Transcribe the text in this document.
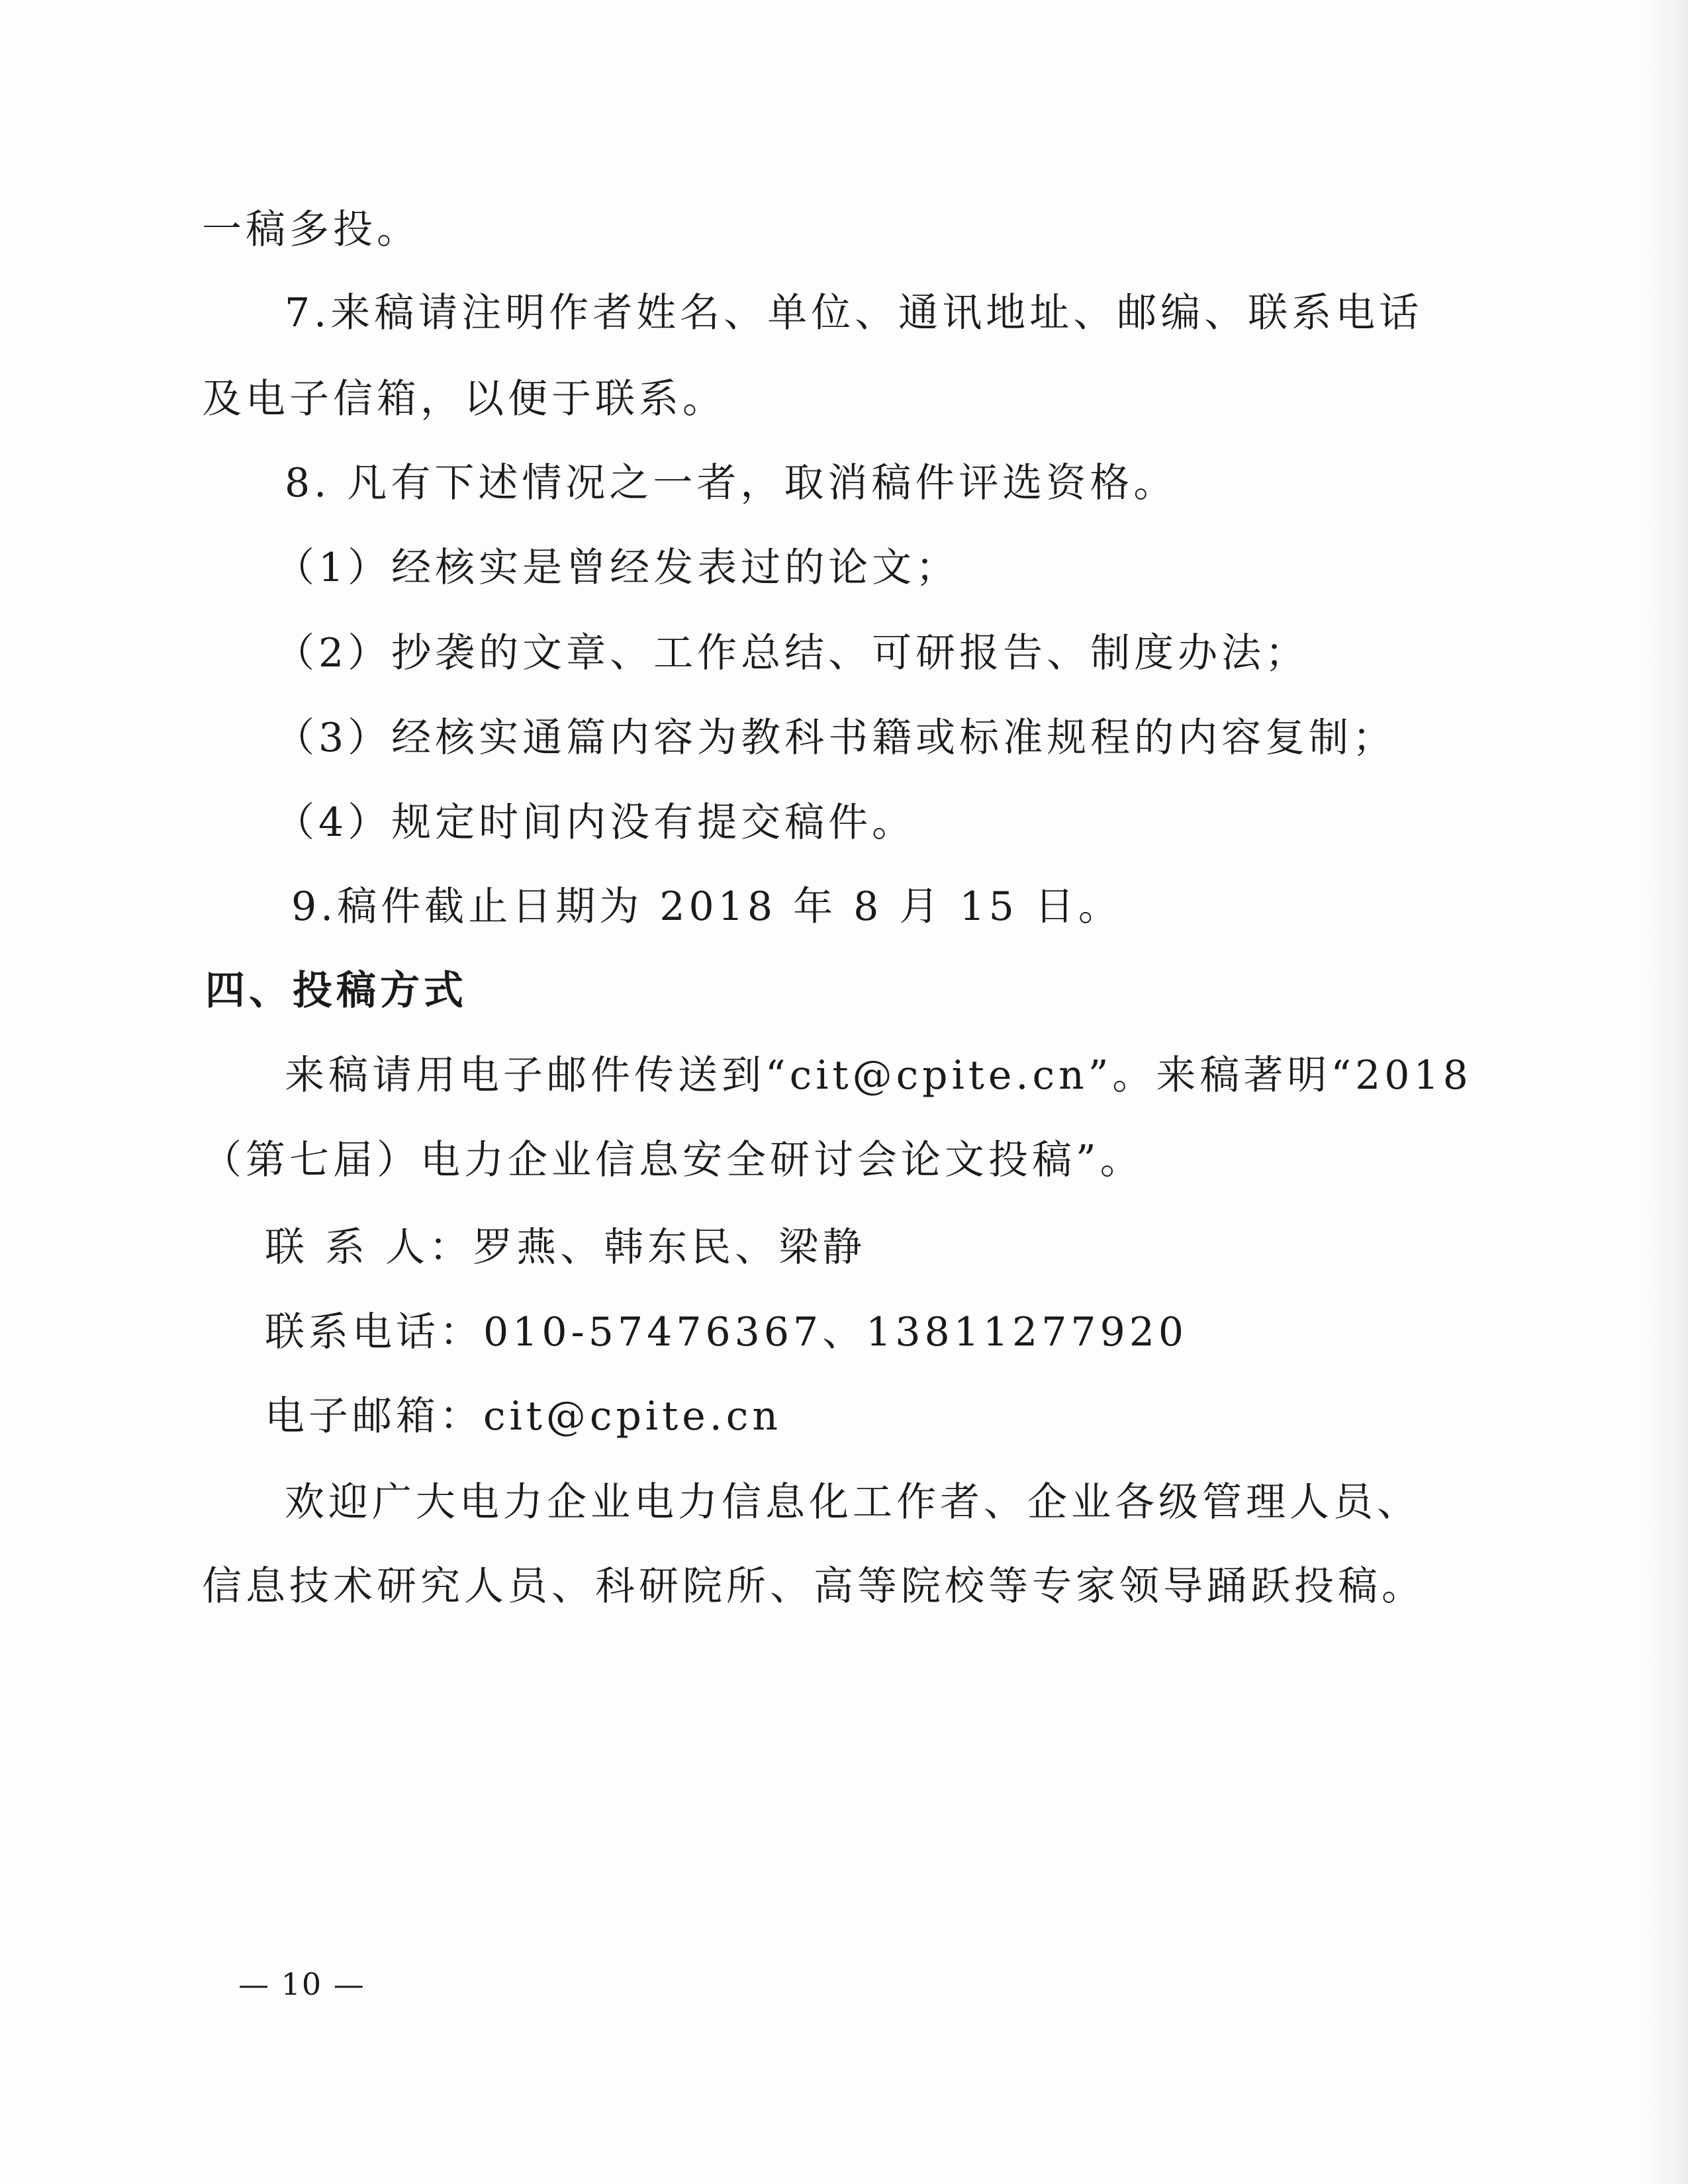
一稿多投。
7.来稿请注明作者姓名、单位、通讯地址、邮编、联系电话
及电子信箱，以便于联系。
8. 凡有下述情况之一者，取消稿件评选资格。
（1）经核实是曾经发表过的论文；
（2）抄袭的文章、工作总结、可研报告、制度办法；
（3）经核实通篇内容为教科书籍或标准规程的内容复制；
（4）规定时间内没有提交稿件。
9.稿件截止日期为 2018 年 8 月 15 日。
四、投稿方式
来稿请用电子邮件传送到“cit@cpite.cn”。来稿著明“2018
（第七届）电力企业信息安全研讨会论文投稿”。
联 系 人：罗燕、韩东民、梁静
联系电话：010-57476367、13811277920
电子邮箱：cit@cpite.cn
欢迎广大电力企业电力信息化工作者、企业各级管理人员、
信息技术研究人员、科研院所、高等院校等专家领导踊跃投稿。
— 10 —
